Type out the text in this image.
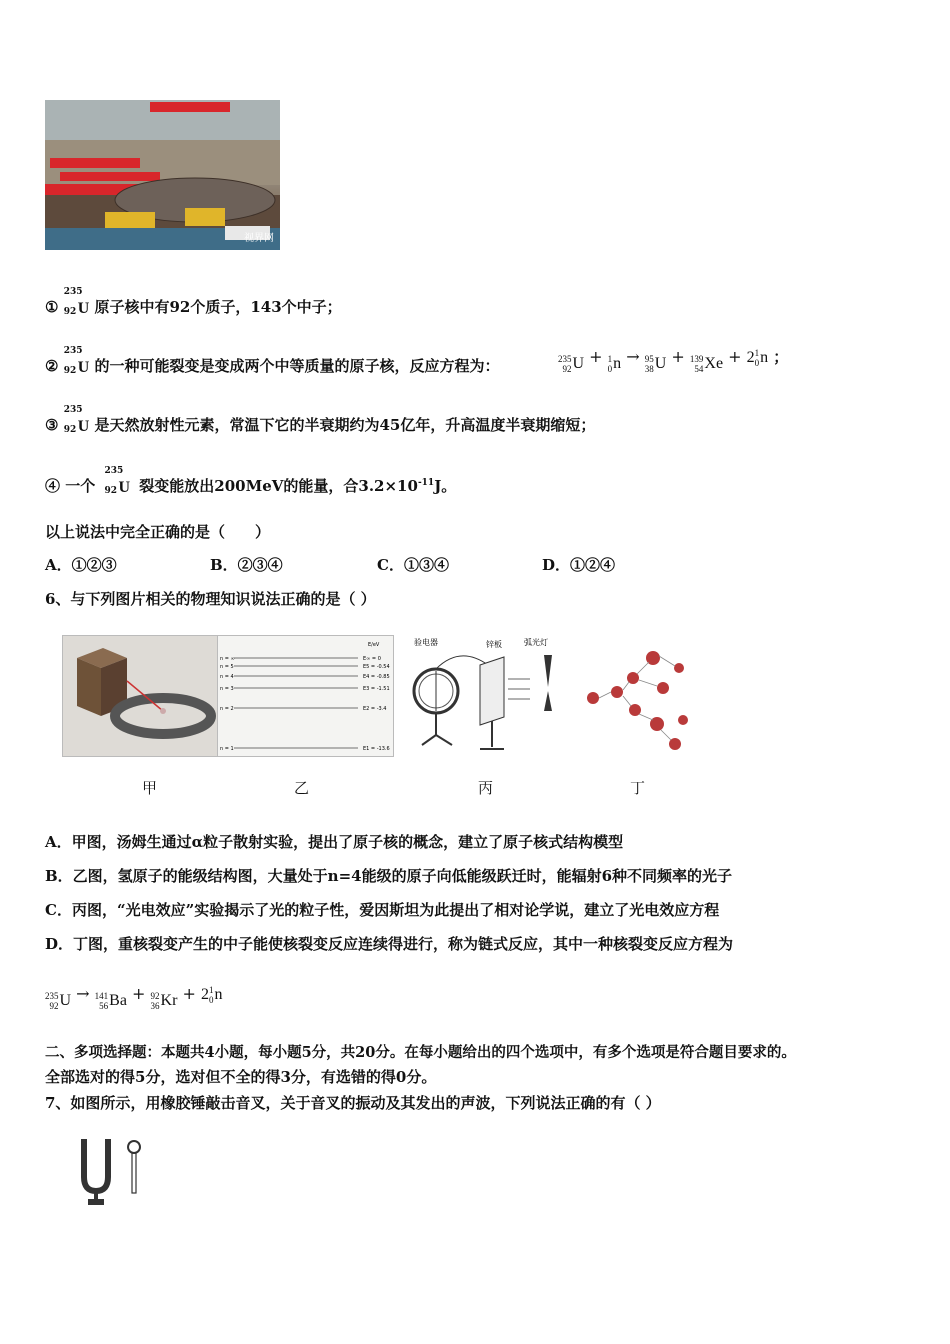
视界网
①
235
92 U 原子核中有92个质子，143个中子；
②
235
92 U 的一种可能裂变是变成两个中等质量的原子核，反应方程为：	235
92 U + 1
0 n → 95
38 U + 139
54 Xe + 2 1
0 n ；
③
235
92 U 是天然放射性元素，常温下它的半衰期约为45亿年，升高温度半衰期缩短；
④ 一个
235
92 U 裂变能放出200MeV的能量，合$3.2\times 10^{-11}J$。
以上说法中完全正确的是（　　）
A．①②③	B．②③④	C．①③④	D．①②④
6、与下列图片相关的物理知识说法正确的是（ ）
E/eV
n = ∞
n = 5
n = 4
n = 3
n = 2
n = 1
E∞ = 0
E5 = -0.54
E4 = -0.85
E3 = -1.51
E2 = -3.4
E1 = -13.6
验电器	锌板	弧光灯
甲	乙	丙	丁
A．甲图，汤姆生通过α粒子散射实验，提出了原子核的概念，建立了原子核式结构模型
B．乙图，氢原子的能级结构图，大量处于n=4能级的原子向低能级跃迁时，能辐射6种不同频率的光子
C．丙图，“光电效应”实验揭示了光的粒子性，爱因斯坦为此提出了相对论学说，建立了光电效应方程
D．丁图，重核裂变产生的中子能使核裂变反应连续得进行，称为链式反应，其中一种核裂变反应方程为
235
92 U → 141
56 Ba + 92
36 Kr + 2 1
0 n
二、多项选择题：本题共4小题，每小题5分，共20分。在每小题给出的四个选项中，有多个选项是符合题目要求的。
全部选对的得5分，选对但不全的得3分，有选错的得0分。
7、如图所示，用橡胶锤敲击音叉，关于音叉的振动及其发出的声波，下列说法正确的有（ ）
